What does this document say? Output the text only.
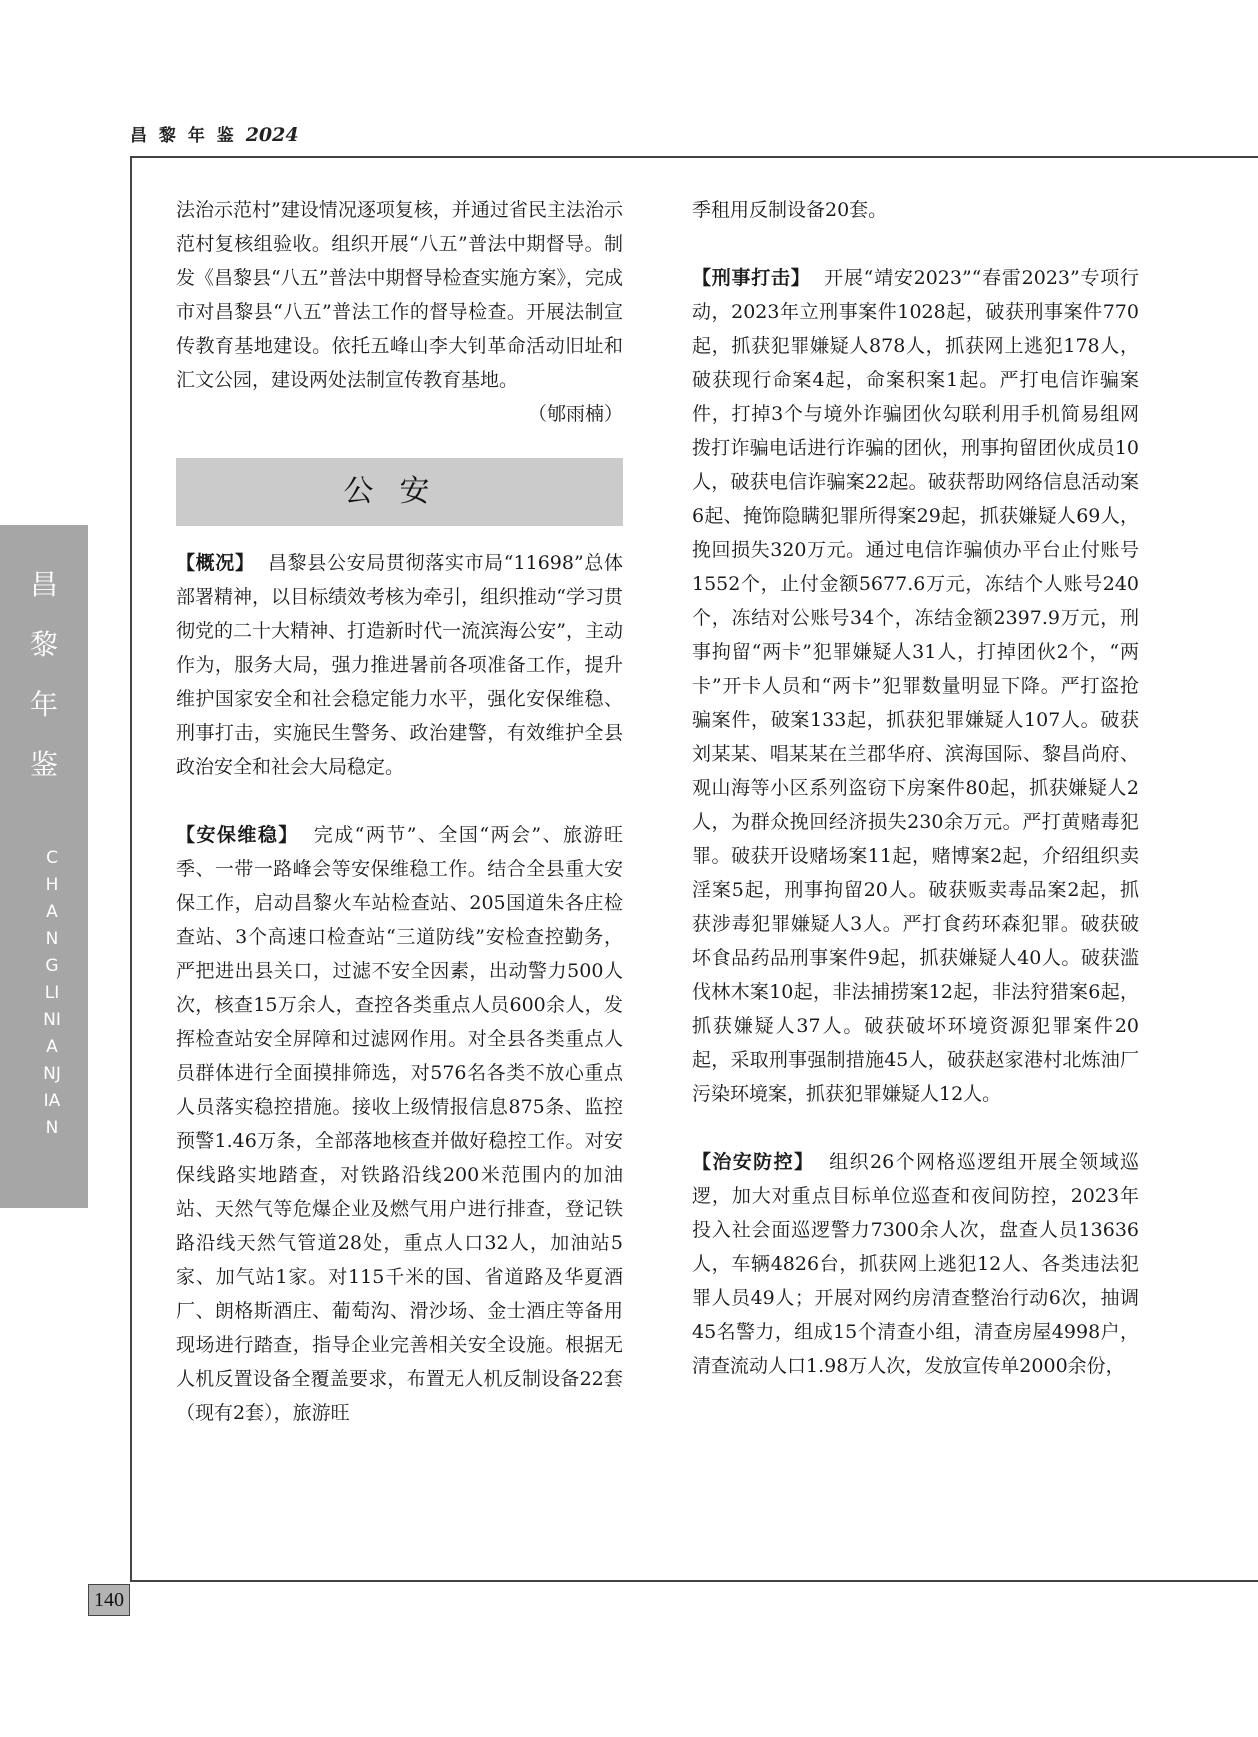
昌 黎 年 鉴 2024
昌
黎
年
鉴
CHANGLINIANJIAN
140

法治示范村”建设情况逐项复核，并通过省民主法治示范村复核组验收。组织开展“八五”普法中期督导。制发《昌黎县“八五”普法中期督导检查实施方案》，完成市对昌黎县“八五”普法工作的督导检查。开展法制宣传教育基地建设。依托五峰山李大钊革命活动旧址和汇文公园，建设两处法制宣传教育基地。

（郇雨楠）

公安

【概况】 昌黎县公安局贯彻落实市局“11698”总体部署精神，以目标绩效考核为牵引，组织推动“学习贯彻党的二十大精神、打造新时代一流滨海公安”，主动作为，服务大局，强力推进暑前各项准备工作，提升维护国家安全和社会稳定能力水平，强化安保维稳、刑事打击，实施民生警务、政治建警，有效维护全县政治安全和社会大局稳定。

【安保维稳】 完成“两节”、全国“两会”、旅游旺季、一带一路峰会等安保维稳工作。结合全县重大安保工作，启动昌黎火车站检查站、205国道朱各庄检查站、3个高速口检查站“三道防线”安检查控勤务，严把进出县关口，过滤不安全因素，出动警力500人次，核查15万余人，查控各类重点人员600余人，发挥检查站安全屏障和过滤网作用。对全县各类重点人员群体进行全面摸排筛选，对576名各类不放心重点人员落实稳控措施。接收上级情报信息875条、监控预警1.46万条，全部落地核查并做好稳控工作。对安保线路实地踏查，对铁路沿线200米范围内的加油站、天然气等危爆企业及燃气用户进行排查，登记铁路沿线天然气管道28处，重点人口32人，加油站5家、加气站1家。对115千米的国、省道路及华夏酒厂、朗格斯酒庄、葡萄沟、滑沙场、金士酒庄等备用现场进行踏查，指导企业完善相关安全设施。根据无人机反置设备全覆盖要求，布置无人机反制设备22套（现有2套），旅游旺

季租用反制设备20套。

【刑事打击】 开展“靖安2023”“春雷2023”专项行动，2023年立刑事案件1028起，破获刑事案件770起，抓获犯罪嫌疑人878人，抓获网上逃犯178人，破获现行命案4起，命案积案1起。严打电信诈骗案件，打掉3个与境外诈骗团伙勾联利用手机简易组网拨打诈骗电话进行诈骗的团伙，刑事拘留团伙成员10人，破获电信诈骗案22起。破获帮助网络信息活动案6起、掩饰隐瞒犯罪所得案29起，抓获嫌疑人69人，挽回损失320万元。通过电信诈骗侦办平台止付账号1552个，止付金额5677.6万元，冻结个人账号240个，冻结对公账号34个，冻结金额2397.9万元，刑事拘留“两卡”犯罪嫌疑人31人，打掉团伙2个，“两卡”开卡人员和“两卡”犯罪数量明显下降。严打盗抢骗案件，破案133起，抓获犯罪嫌疑人107人。破获刘某某、唱某某在兰郡华府、滨海国际、黎昌尚府、观山海等小区系列盗窃下房案件80起，抓获嫌疑人2人，为群众挽回经济损失230余万元。严打黄赌毒犯罪。破获开设赌场案11起，赌博案2起，介绍组织卖淫案5起，刑事拘留20人。破获贩卖毒品案2起，抓获涉毒犯罪嫌疑人3人。严打食药环森犯罪。破获破坏食品药品刑事案件9起，抓获嫌疑人40人。破获滥伐林木案10起，非法捕捞案12起，非法狩猎案6起，抓获嫌疑人37人。破获破坏环境资源犯罪案件20起，采取刑事强制措施45人，破获赵家港村北炼油厂污染环境案，抓获犯罪嫌疑人12人。

【治安防控】 组织26个网格巡逻组开展全领域巡逻，加大对重点目标单位巡查和夜间防控，2023年投入社会面巡逻警力7300余人次，盘查人员13636人，车辆4826台，抓获网上逃犯12人、各类违法犯罪人员49人；开展对网约房清查整治行动6次，抽调45名警力，组成15个清查小组，清查房屋4998户，清查流动人口1.98万人次，发放宣传单2000余份，
